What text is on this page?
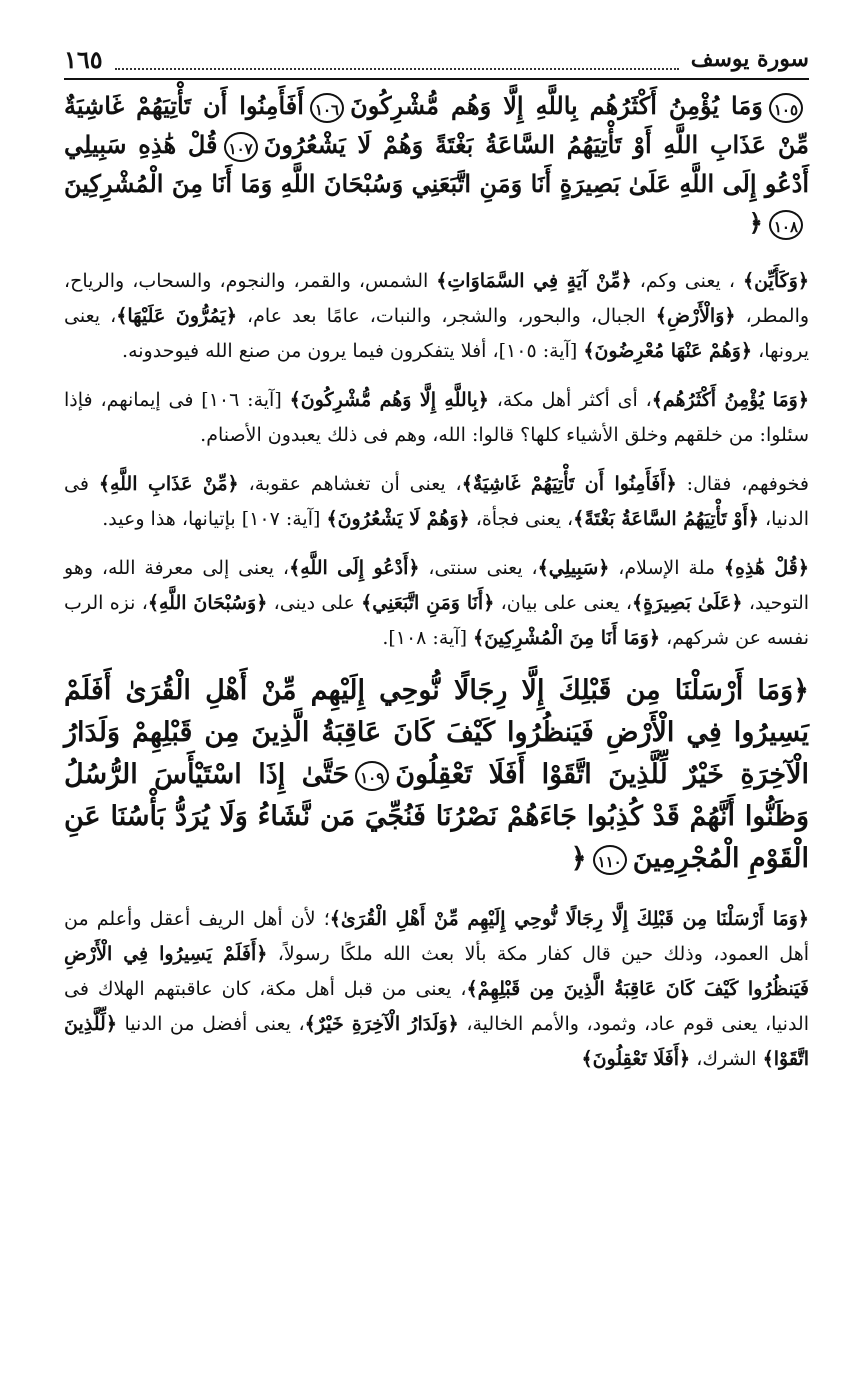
سورة يوسف
١٦٥

١٠٥وَمَا يُؤْمِنُ أَكْثَرُهُم بِاللَّهِ إِلَّا وَهُم مُّشْرِكُونَ١٠٦أَفَأَمِنُوا أَن تَأْتِيَهُمْ غَاشِيَةٌ مِّنْ عَذَابِ اللَّهِ أَوْ تَأْتِيَهُمُ السَّاعَةُ بَغْتَةً وَهُمْ لَا يَشْعُرُونَ١٠٧قُلْ هَٰذِهِ سَبِيلِي أَدْعُو إِلَى اللَّهِ عَلَىٰ بَصِيرَةٍ أَنَا وَمَنِ اتَّبَعَنِي وَسُبْحَانَ اللَّهِ وَمَا أَنَا مِنَ الْمُشْرِكِينَ١٠٨﴿

﴿وَكَأَيِّن﴾ ، يعنى وكم، ﴿مِّنْ آيَةٍ فِي السَّمَاوَاتِ﴾ الشمس، والقمر، والنجوم، والسحاب، والرياح، والمطر، ﴿وَالْأَرْضِ﴾ الجبال، والبحور، والشجر، والنبات، عامًا بعد عام، ﴿يَمُرُّونَ عَلَيْهَا﴾، يعنى يرونها، ﴿وَهُمْ عَنْهَا مُعْرِضُونَ﴾ [آية: ١٠٥]، أفلا يتفكرون فيما يرون من صنع الله فيوحدونه.

﴿وَمَا يُؤْمِنُ أَكْثَرُهُم﴾، أى أكثر أهل مكة، ﴿بِاللَّهِ إِلَّا وَهُم مُّشْرِكُونَ﴾ [آية: ١٠٦] فى إيمانهم، فإذا سئلوا: من خلقهم وخلق الأشياء كلها؟ قالوا: الله، وهم فى ذلك يعبدون الأصنام.

فخوفهم، فقال: ﴿أَفَأَمِنُوا أَن تَأْتِيَهُمْ غَاشِيَةٌ﴾، يعنى أن تغشاهم عقوبة، ﴿مِّنْ عَذَابِ اللَّهِ﴾ فى الدنيا، ﴿أَوْ تَأْتِيَهُمُ السَّاعَةُ بَغْتَةً﴾، يعنى فجأة، ﴿وَهُمْ لَا يَشْعُرُونَ﴾ [آية: ١٠٧] بإتيانها، هذا وعيد.

﴿قُلْ هَٰذِهِ﴾ ملة الإسلام، ﴿سَبِيلِي﴾، يعنى سنتى، ﴿أَدْعُو إِلَى اللَّهِ﴾، يعنى إلى معرفة الله، وهو التوحيد، ﴿عَلَىٰ بَصِيرَةٍ﴾، يعنى على بيان، ﴿أَنَا وَمَنِ اتَّبَعَنِي﴾ على دينى، ﴿وَسُبْحَانَ اللَّهِ﴾، نزه الرب نفسه عن شركهم، ﴿وَمَا أَنَا مِنَ الْمُشْرِكِينَ﴾ [آية: ١٠٨].

﴿وَمَا أَرْسَلْنَا مِن قَبْلِكَ إِلَّا رِجَالًا نُّوحِي إِلَيْهِم مِّنْ أَهْلِ الْقُرَىٰ أَفَلَمْ يَسِيرُوا فِي الْأَرْضِ فَيَنظُرُوا كَيْفَ كَانَ عَاقِبَةُ الَّذِينَ مِن قَبْلِهِمْ وَلَدَارُ الْآخِرَةِ خَيْرٌ لِّلَّذِينَ اتَّقَوْا أَفَلَا تَعْقِلُونَ١٠٩حَتَّىٰ إِذَا اسْتَيْأَسَ الرُّسُلُ وَظَنُّوا أَنَّهُمْ قَدْ كُذِبُوا جَاءَهُمْ نَصْرُنَا فَنُجِّيَ مَن نَّشَاءُ وَلَا يُرَدُّ بَأْسُنَا عَنِ الْقَوْمِ الْمُجْرِمِينَ١١٠﴿

﴿وَمَا أَرْسَلْنَا مِن قَبْلِكَ إِلَّا رِجَالًا نُّوحِي إِلَيْهِم مِّنْ أَهْلِ الْقُرَىٰ﴾؛ لأن أهل الريف أعقل وأعلم من أهل العمود، وذلك حين قال كفار مكة بألا بعث الله ملكًا رسولاً، ﴿أَفَلَمْ يَسِيرُوا فِي الْأَرْضِ فَيَنظُرُوا كَيْفَ كَانَ عَاقِبَةُ الَّذِينَ مِن قَبْلِهِمْ﴾، يعنى من قبل أهل مكة، كان عاقبتهم الهلاك فى الدنيا، يعنى قوم عاد، وثمود، والأمم الخالية، ﴿وَلَدَارُ الْآخِرَةِ خَيْرٌ﴾، يعنى أفضل من الدنيا ﴿لِّلَّذِينَ اتَّقَوْا﴾ الشرك، ﴿أَفَلَا تَعْقِلُونَ﴾
